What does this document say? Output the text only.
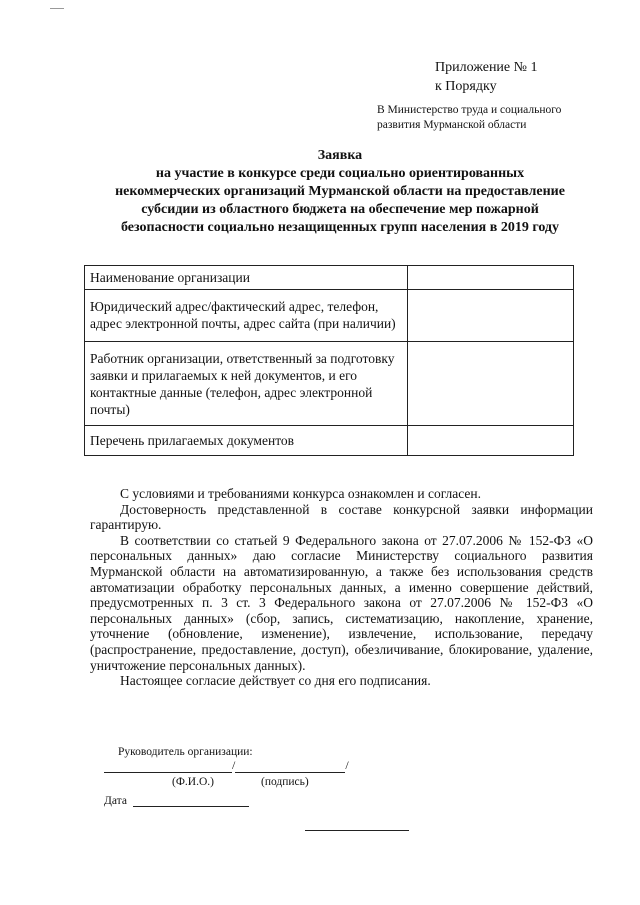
Приложение № 1
к Порядку
В Министерство труда и социального
развития Мурманской области
Заявка
на участие в конкурсе среди социально ориентированных
некоммерческих организаций Мурманской области на предоставление
субсидии из областного бюджета на обеспечение мер пожарной
безопасности социально незащищенных групп населения в 2019 году
Наименование организации	
Юридический адрес/фактический адрес, телефон, адрес электронной почты, адрес сайта (при наличии)	
Работник организации, ответственный за подготовку заявки и прилагаемых к ней документов, и его контактные данные (телефон, адрес электронной почты)	
Перечень прилагаемых документов	

С условиями и требованиями конкурса ознакомлен и согласен.

Достоверность представленной в составе конкурсной заявки информации гарантирую.

В соответствии со статьей 9 Федерального закона от 27.07.2006 № 152-ФЗ «О персональных данных» даю согласие Министерству социального развития Мурманской области на автоматизированную, а также без использования средств автоматизации обработку персональных данных, а именно совершение действий, предусмотренных п. 3 ст. 3 Федерального закона от 27.07.2006 № 152-ФЗ «О персональных данных» (сбор, запись, систематизацию, накопление, хранение, уточнение (обновление, изменение), извлечение, использование, передачу (распространение, предоставление, доступ), обезличивание, блокирование, удаление, уничтожение персональных данных).

Настоящее согласие действует со дня его подписания.

Руководитель организации:
/	/
(Ф.И.О.)	(подпись)
Дата
